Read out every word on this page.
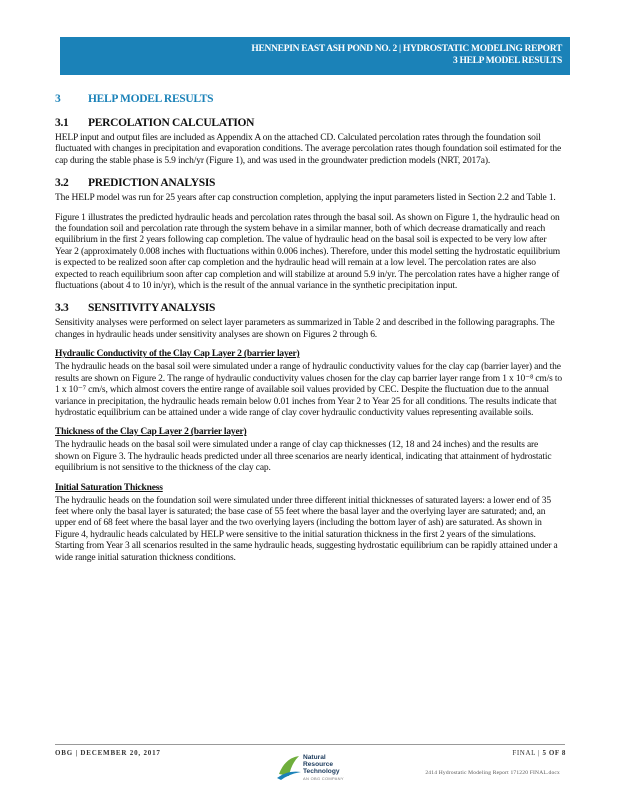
HENNEPIN EAST ASH POND NO. 2 | HYDROSTATIC MODELING REPORT
3 HELP MODEL RESULTS
3	HELP MODEL RESULTS
3.1	PERCOLATION CALCULATION

HELP input and output files are included as Appendix A on the attached CD. Calculated percolation rates through the foundation soil fluctuated with changes in precipitation and evaporation conditions. The average percolation rates though foundation soil estimated for the cap during the stable phase is 5.9 inch/yr (Figure 1), and was used in the groundwater prediction models (NRT, 2017a).

3.2	PREDICTION ANALYSIS

The HELP model was run for 25 years after cap construction completion, applying the input parameters listed in Section 2.2 and Table 1.

Figure 1 illustrates the predicted hydraulic heads and percolation rates through the basal soil. As shown on Figure 1, the hydraulic head on the foundation soil and percolation rate through the system behave in a similar manner, both of which decrease dramatically and reach equilibrium in the first 2 years following cap completion. The value of hydraulic head on the basal soil is expected to be very low after Year 2 (approximately 0.008 inches with fluctuations within 0.006 inches). Therefore, under this model setting the hydrostatic equilibrium is expected to be realized soon after cap completion and the hydraulic head will remain at a low level. The percolation rates are also expected to reach equilibrium soon after cap completion and will stabilize at around 5.9 in/yr. The percolation rates have a higher range of fluctuations (about 4 to 10 in/yr), which is the result of the annual variance in the synthetic precipitation input.

3.3	SENSITIVITY ANALYSIS

Sensitivity analyses were performed on select layer parameters as summarized in Table 2 and described in the following paragraphs. The changes in hydraulic heads under sensitivity analyses are shown on Figures 2 through 6.

Hydraulic Conductivity of the Clay Cap Layer 2 (barrier layer)

The hydraulic heads on the basal soil were simulated under a range of hydraulic conductivity values for the clay cap (barrier layer) and the results are shown on Figure 2. The range of hydraulic conductivity values chosen for the clay cap barrier layer range from 1 x 10⁻⁸ cm/s to 1 x 10⁻⁷ cm/s, which almost covers the entire range of available soil values provided by CEC. Despite the fluctuation due to the annual variance in precipitation, the hydraulic heads remain below 0.01 inches from Year 2 to Year 25 for all conditions. The results indicate that hydrostatic equilibrium can be attained under a wide range of clay cover hydraulic conductivity values representing available soils.

Thickness of the Clay Cap Layer 2 (barrier layer)

The hydraulic heads on the basal soil were simulated under a range of clay cap thicknesses (12, 18 and 24 inches) and the results are shown on Figure 3. The hydraulic heads predicted under all three scenarios are nearly identical, indicating that attainment of hydrostatic equilibrium is not sensitive to the thickness of the clay cap.

Initial Saturation Thickness

The hydraulic heads on the foundation soil were simulated under three different initial thicknesses of saturated layers: a lower end of 35 feet where only the basal layer is saturated; the base case of 55 feet where the basal layer and the overlying layer are saturated; and, an upper end of 68 feet where the basal layer and the two overlying layers (including the bottom layer of ash) are saturated. As shown in Figure 4, hydraulic heads calculated by HELP were sensitive to the initial saturation thickness in the first 2 years of the simulations. Starting from Year 3 all scenarios resulted in the same hydraulic heads, suggesting hydrostatic equilibrium can be rapidly attained under a wide range initial saturation thickness conditions.

OBG | DECEMBER 20, 2017	FINAL | 5 OF 8
2414 Hydrostatic Modeling Report 171220 FINAL.docx
Natural
Resource
Technology
AN OBG COMPANY
